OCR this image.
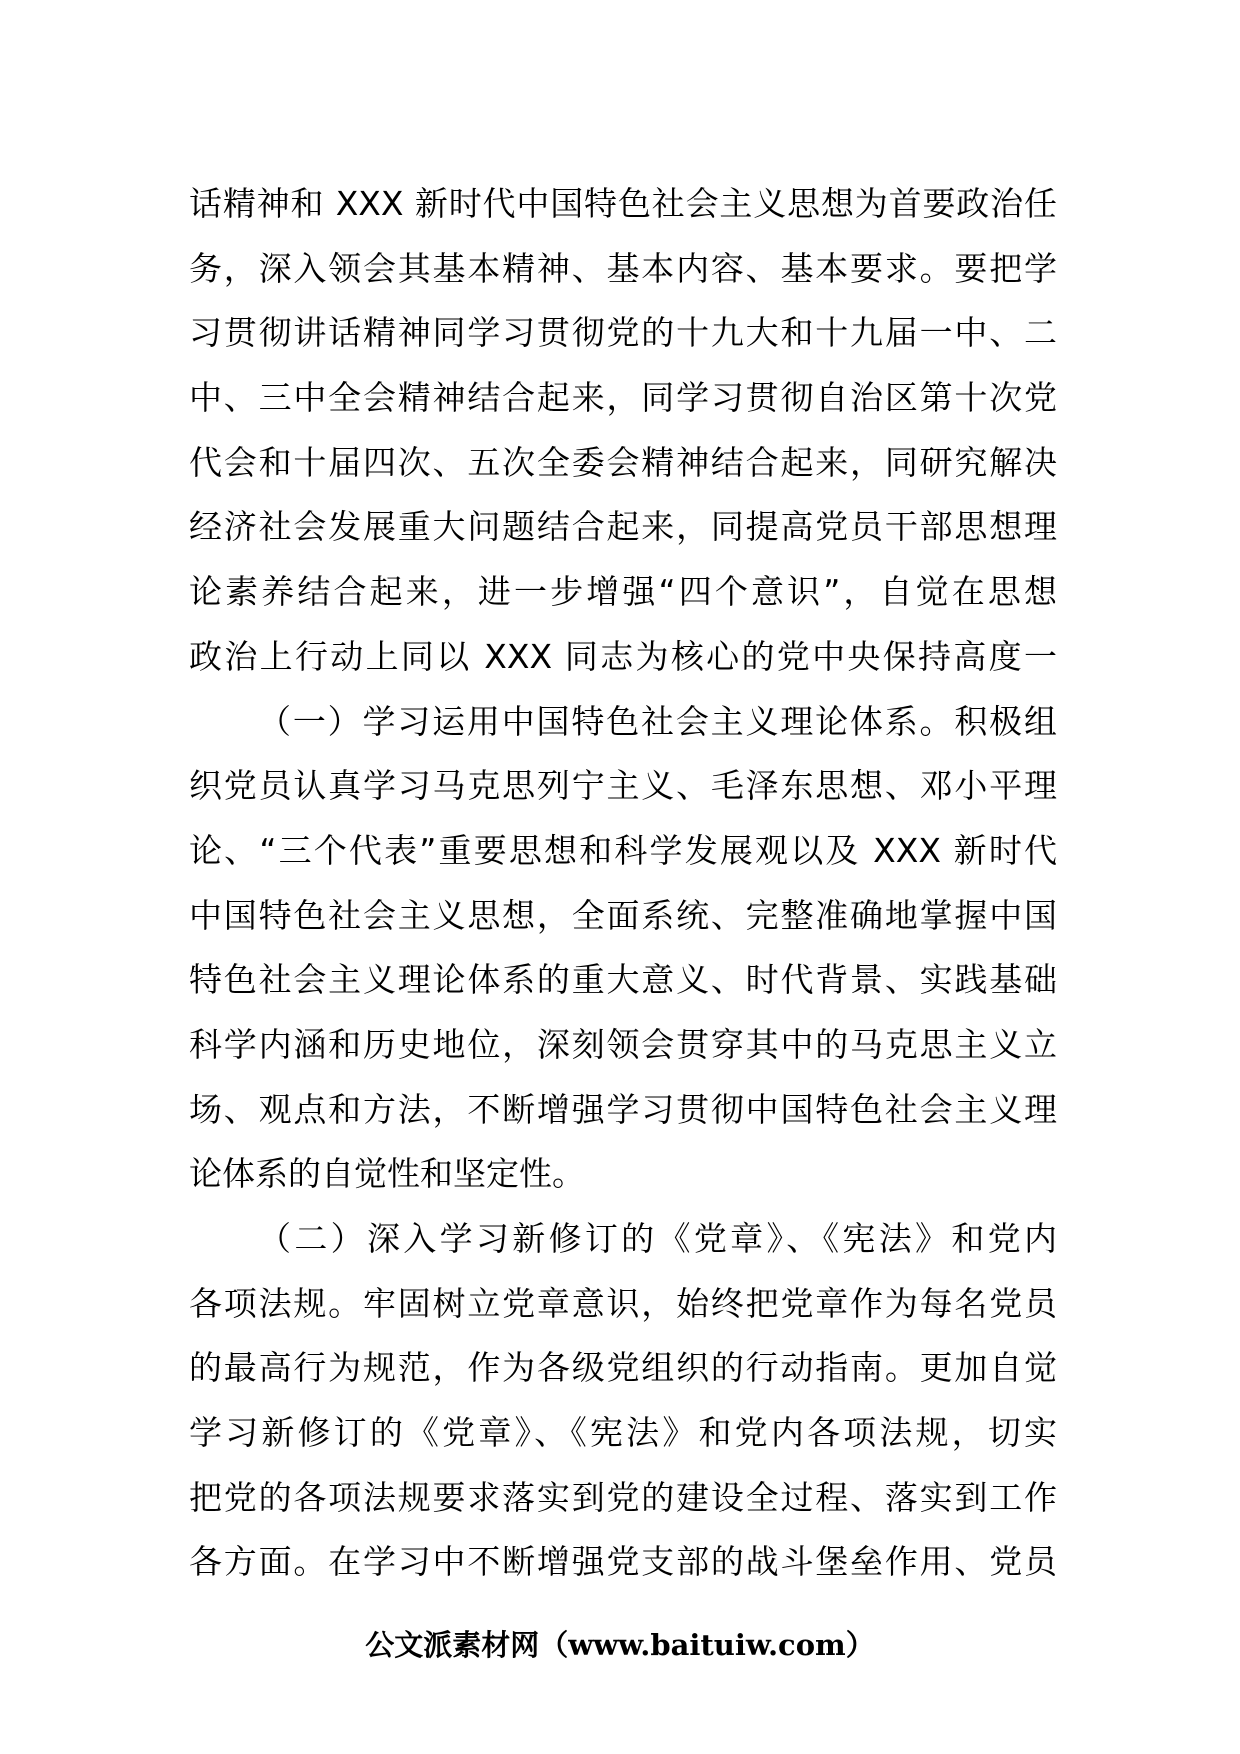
话精神和 XXX 新时代中国特色社会主义思想为首要政治任
务，深入领会其基本精神、基本内容、基本要求。要把学
习贯彻讲话精神同学习贯彻党的十九大和十九届一中、二
中、三中全会精神结合起来，同学习贯彻自治区第十次党
代会和十届四次、五次全委会精神结合起来，同研究解决
经济社会发展重大问题结合起来，同提高党员干部思想理
论素养结合起来，进一步增强“四个意识”，自觉在思想
政治上行动上同以 XXX 同志为核心的党中央保持高度一
（一）学习运用中国特色社会主义理论体系。积极组
织党员认真学习马克思列宁主义、毛泽东思想、邓小平理
论、“三个代表”重要思想和科学发展观以及 XXX 新时代
中国特色社会主义思想，全面系统、完整准确地掌握中国
特色社会主义理论体系的重大意义、时代背景、实践基础
科学内涵和历史地位，深刻领会贯穿其中的马克思主义立
场、观点和方法，不断增强学习贯彻中国特色社会主义理
论体系的自觉性和坚定性。
（二）深入学习新修订的《党章》、《宪法》和党内
各项法规。牢固树立党章意识，始终把党章作为每名党员
的最高行为规范，作为各级党组织的行动指南。更加自觉
学习新修订的《党章》、《宪法》和党内各项法规，切实
把党的各项法规要求落实到党的建设全过程、落实到工作
各方面。在学习中不断增强党支部的战斗堡垒作用、党员
公文派素材网（www.baituiw.com）
